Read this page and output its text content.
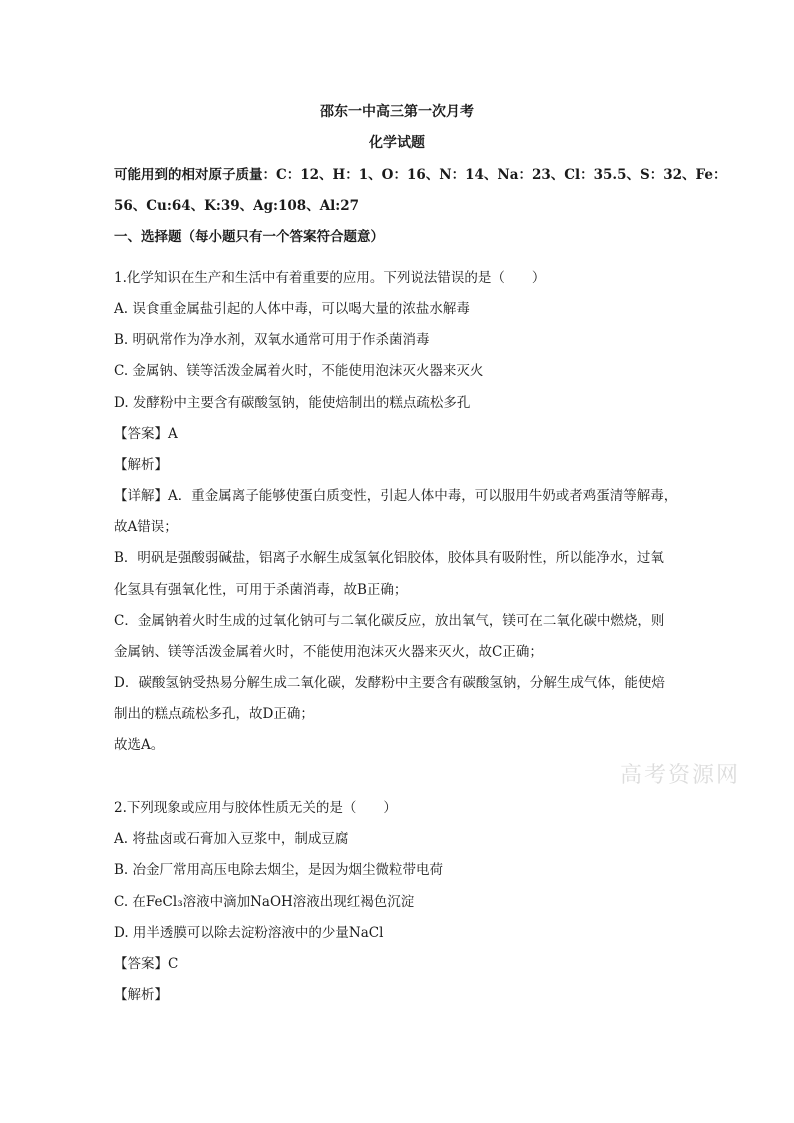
邵东一中高三第一次月考
化学试题
可能用到的相对原子质量：C：12、H：1、O：16、N：14、Na：23、Cl：35.5、S：32、Fe：
56、Cu:64、K:39、Ag:108、Al:27
一、选择题（每小题只有一个答案符合题意）
1.化学知识在生产和生活中有着重要的应用。下列说法错误的是（　　）
A. 误食重金属盐引起的人体中毒，可以喝大量的浓盐水解毒
B. 明矾常作为净水剂，双氧水通常可用于作杀菌消毒
C. 金属钠、镁等活泼金属着火时，不能使用泡沫灭火器来灭火
D. 发酵粉中主要含有碳酸氢钠，能使焙制出的糕点疏松多孔
【答案】A
【解析】
【详解】A．重金属离子能够使蛋白质变性，引起人体中毒，可以服用牛奶或者鸡蛋清等解毒，
故A错误；
B．明矾是强酸弱碱盐，铝离子水解生成氢氧化铝胶体，胶体具有吸附性，所以能净水，过氧
化氢具有强氧化性，可用于杀菌消毒，故B正确；
C．金属钠着火时生成的过氧化钠可与二氧化碳反应，放出氧气，镁可在二氧化碳中燃烧，则
金属钠、镁等活泼金属着火时，不能使用泡沫灭火器来灭火，故C正确；
D．碳酸氢钠受热易分解生成二氧化碳，发酵粉中主要含有碳酸氢钠，分解生成气体，能使焙
制出的糕点疏松多孔，故D正确；
故选A。
高考资源网
2.下列现象或应用与胶体性质无关的是（　　）
A. 将盐卤或石膏加入豆浆中，制成豆腐
B. 冶金厂常用高压电除去烟尘，是因为烟尘微粒带电荷
C. 在FeCl₃溶液中滴加NaOH溶液出现红褐色沉淀
D. 用半透膜可以除去淀粉溶液中的少量NaCl
【答案】C
【解析】
